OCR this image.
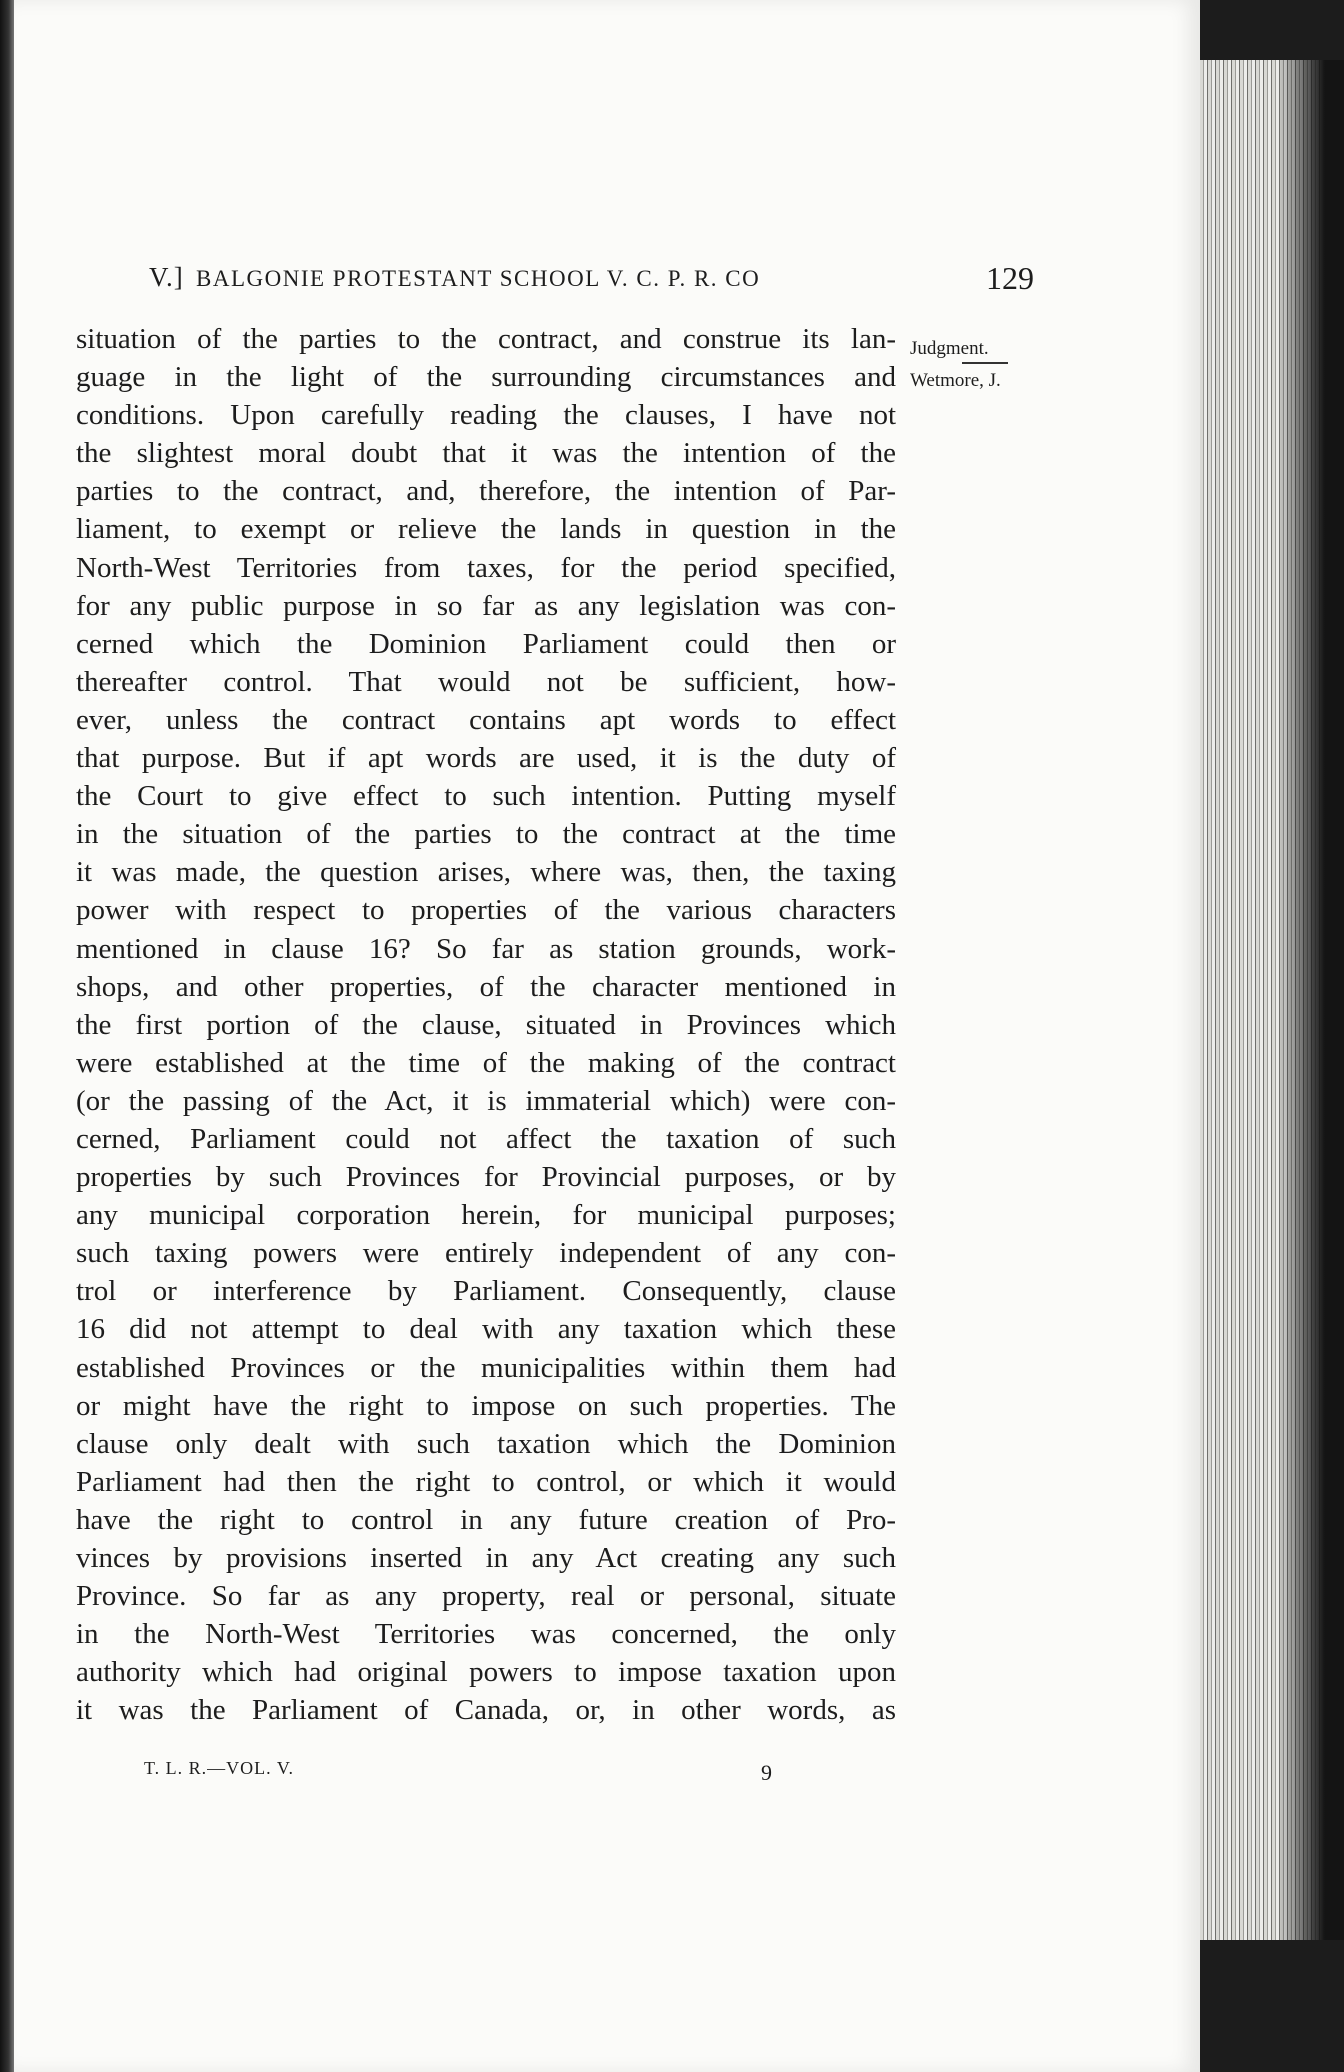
V.] BALGONIE PROTESTANT SCHOOL V. C. P. R. CO	129
Judgment.
Wetmore, J.
situation of the parties to the contract, and construe its lan-
guage in the light of the surrounding circumstances and
conditions. Upon carefully reading the clauses, I have not
the slightest moral doubt that it was the intention of the
parties to the contract, and, therefore, the intention of Par-
liament, to exempt or relieve the lands in question in the
North-West Territories from taxes, for the period specified,
for any public purpose in so far as any legislation was con-
cerned which the Dominion Parliament could then or
thereafter control. That would not be sufficient, how-
ever, unless the contract contains apt words to effect
that purpose. But if apt words are used, it is the duty of
the Court to give effect to such intention. Putting myself
in the situation of the parties to the contract at the time
it was made, the question arises, where was, then, the taxing
power with respect to properties of the various characters
mentioned in clause 16? So far as station grounds, work-
shops, and other properties, of the character mentioned in
the first portion of the clause, situated in Provinces which
were established at the time of the making of the contract
(or the passing of the Act, it is immaterial which) were con-
cerned, Parliament could not affect the taxation of such
properties by such Provinces for Provincial purposes, or by
any municipal corporation herein, for municipal purposes;
such taxing powers were entirely independent of any con-
trol or interference by Parliament. Consequently, clause
16 did not attempt to deal with any taxation which these
established Provinces or the municipalities within them had
or might have the right to impose on such properties. The
clause only dealt with such taxation which the Dominion
Parliament had then the right to control, or which it would
have the right to control in any future creation of Pro-
vinces by provisions inserted in any Act creating any such
Province. So far as any property, real or personal, situate
in the North-West Territories was concerned, the only
authority which had original powers to impose taxation upon
it was the Parliament of Canada, or, in other words, as
T. L. R.—VOL. V.	9
